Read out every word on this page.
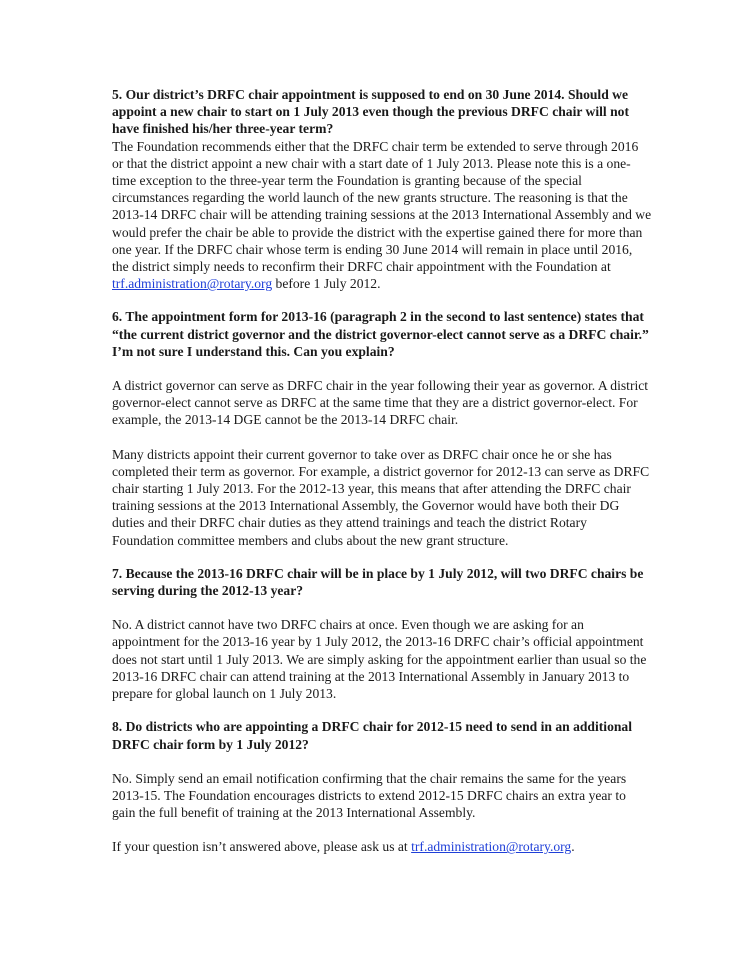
5. Our district’s DRFC chair appointment is supposed to end on 30 June 2014. Should we appoint a new chair to start on 1 July 2013 even though the previous DRFC chair will not have finished his/her three-year term?

The Foundation recommends either that the DRFC chair term be extended to serve through 2016 or that the district appoint a new chair with a start date of 1 July 2013. Please note this is a one-time exception to the three-year term the Foundation is granting because of the special circumstances regarding the world launch of the new grants structure. The reasoning is that the 2013-14 DRFC chair will be attending training sessions at the 2013 International Assembly and we would prefer the chair be able to provide the district with the expertise gained there for more than one year. If the DRFC chair whose term is ending 30 June 2014 will remain in place until 2016, the district simply needs to reconfirm their DRFC chair appointment with the Foundation at trf.administration@rotary.org before 1 July 2012.

6. The appointment form for 2013-16 (paragraph 2 in the second to last sentence) states that “the current district governor and the district governor-elect cannot serve as a DRFC chair.” I’m not sure I understand this. Can you explain?

A district governor can serve as DRFC chair in the year following their year as governor. A district governor-elect cannot serve as DRFC at the same time that they are a district governor-elect. For example, the 2013-14 DGE cannot be the 2013-14 DRFC chair.

Many districts appoint their current governor to take over as DRFC chair once he or she has completed their term as governor. For example, a district governor for 2012-13 can serve as DRFC chair starting 1 July 2013. For the 2012-13 year, this means that after attending the DRFC chair training sessions at the 2013 International Assembly, the Governor would have both their DG duties and their DRFC chair duties as they attend trainings and teach the district Rotary Foundation committee members and clubs about the new grant structure.

7. Because the 2013-16 DRFC chair will be in place by 1 July 2012, will two DRFC chairs be serving during the 2012-13 year?

No. A district cannot have two DRFC chairs at once. Even though we are asking for an appointment for the 2013-16 year by 1 July 2012, the 2013-16 DRFC chair’s official appointment does not start until 1 July 2013. We are simply asking for the appointment earlier than usual so the 2013-16 DRFC chair can attend training at the 2013 International Assembly in January 2013 to prepare for global launch on 1 July 2013.

8. Do districts who are appointing a DRFC chair for 2012-15 need to send in an additional DRFC chair form by 1 July 2012?

No. Simply send an email notification confirming that the chair remains the same for the years 2013-15. The Foundation encourages districts to extend 2012-15 DRFC chairs an extra year to gain the full benefit of training at the 2013 International Assembly.

If your question isn’t answered above, please ask us at trf.administration@rotary.org.
